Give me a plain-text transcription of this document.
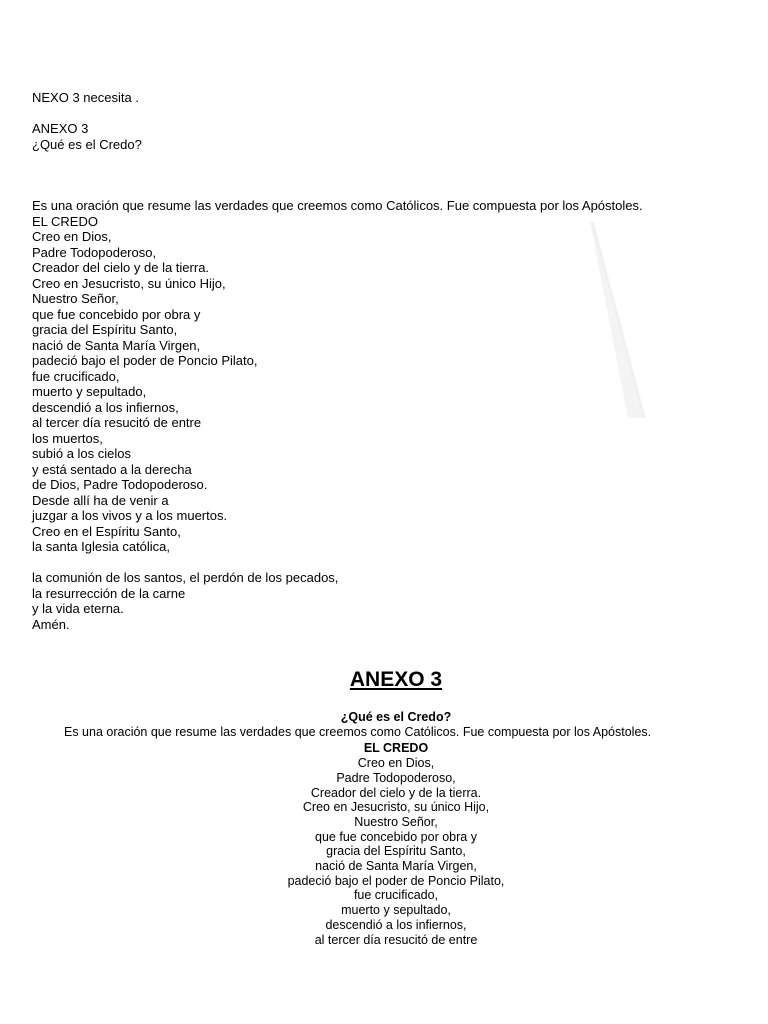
NEXO 3 necesita .
ANEXO 3
¿Qué es el Credo?
Es una oración que resume las verdades que creemos como Católicos. Fue compuesta por los Apóstoles.
EL CREDO
Creo en Dios,
Padre Todopoderoso,
Creador del cielo y de la tierra.
Creo en Jesucristo, su único Hijo,
Nuestro Señor,
que fue concebido por obra y
gracia del Espíritu Santo,
nació de Santa María Virgen,
padeció bajo el poder de Poncio Pilato,
fue crucificado,
muerto y sepultado,
descendió a los infiernos,
al tercer día resucitó de entre
los muertos,
subió a los cielos
y está sentado a la derecha
de Dios, Padre Todopoderoso.
Desde allí ha de venir a
juzgar a los vivos y a los muertos.
Creo en el Espíritu Santo,
la santa Iglesia católica,
la comunión de los santos, el perdón de los pecados,
la resurrección de la carne
y la vida eterna.
Amén.
ANEXO 3

¿Qué es el Credo?

Es una oración que resume las verdades que creemos como Católicos. Fue compuesta por los Apóstoles.

EL CREDO

Creo en Dios,
Padre Todopoderoso,
Creador del cielo y de la tierra.
Creo en Jesucristo, su único Hijo,
Nuestro Señor,
que fue concebido por obra y
gracia del Espíritu Santo,
nació de Santa María Virgen,
padeció bajo el poder de Poncio Pilato,
fue crucificado,
muerto y sepultado,
descendió a los infiernos,
al tercer día resucitó de entre
